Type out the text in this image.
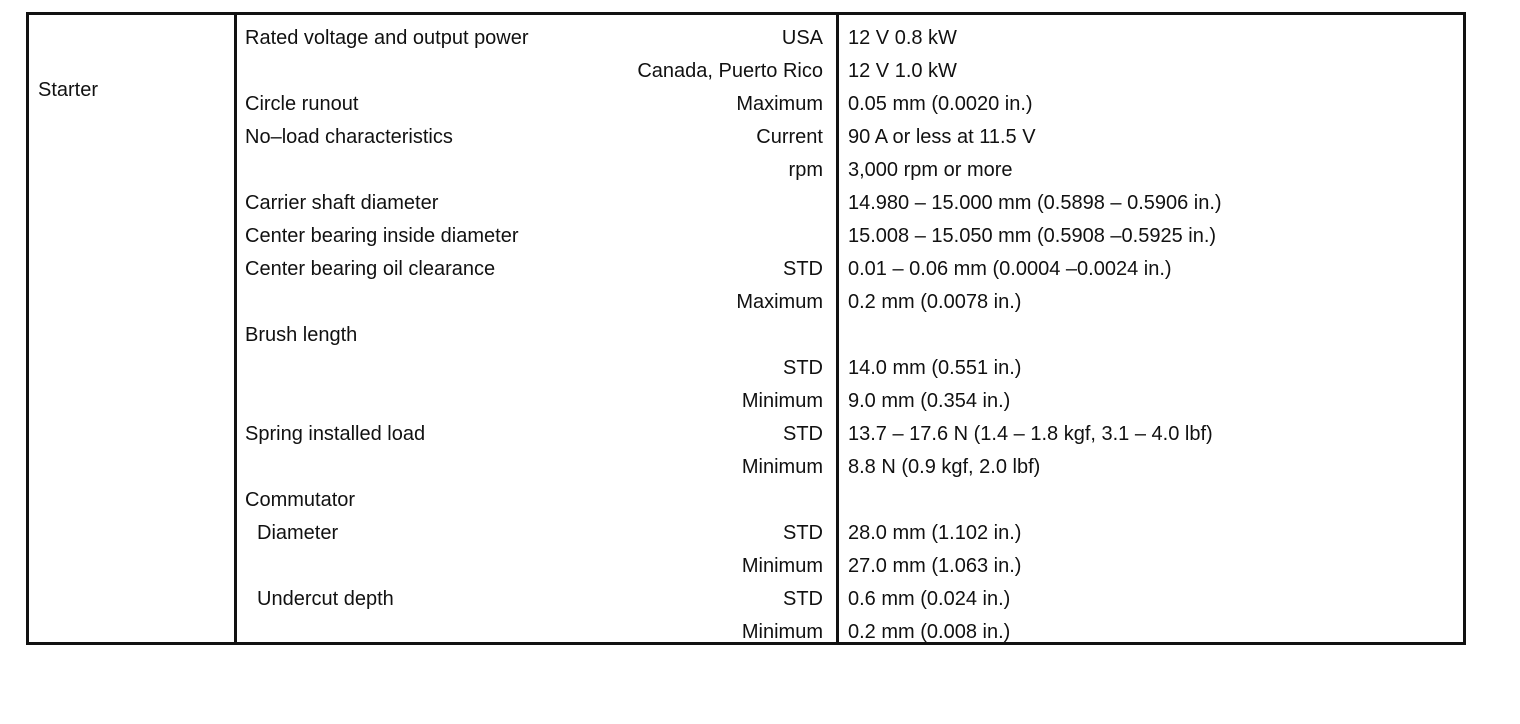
Starter
Rated voltage and output power	USA 12 V 0.8 kW
Canada, Puerto Rico 12 V 1.0 kW
Circle runout	Maximum 0.05 mm (0.0020 in.)
No–load characteristics	Current 90 A or less at 11.5 V
rpm 3,000 rpm or more
Carrier shaft diameter	14.980 – 15.000 mm (0.5898 – 0.5906 in.)
Center bearing inside diameter	15.008 – 15.050 mm (0.5908 –0.5925 in.)
Center bearing oil clearance	STD 0.01 – 0.06 mm (0.0004 –0.0024 in.)
Maximum 0.2 mm (0.0078 in.)
Brush length
STD 14.0 mm (0.551 in.)
Minimum 9.0 mm (0.354 in.)
Spring installed load	STD 13.7 – 17.6 N (1.4 – 1.8 kgf, 3.1 – 4.0 lbf)
Minimum 8.8 N (0.9 kgf, 2.0 lbf)
Commutator
Diameter	STD 28.0 mm (1.102 in.)
Minimum 27.0 mm (1.063 in.)
Undercut depth	STD 0.6 mm (0.024 in.)
Minimum 0.2 mm (0.008 in.)
